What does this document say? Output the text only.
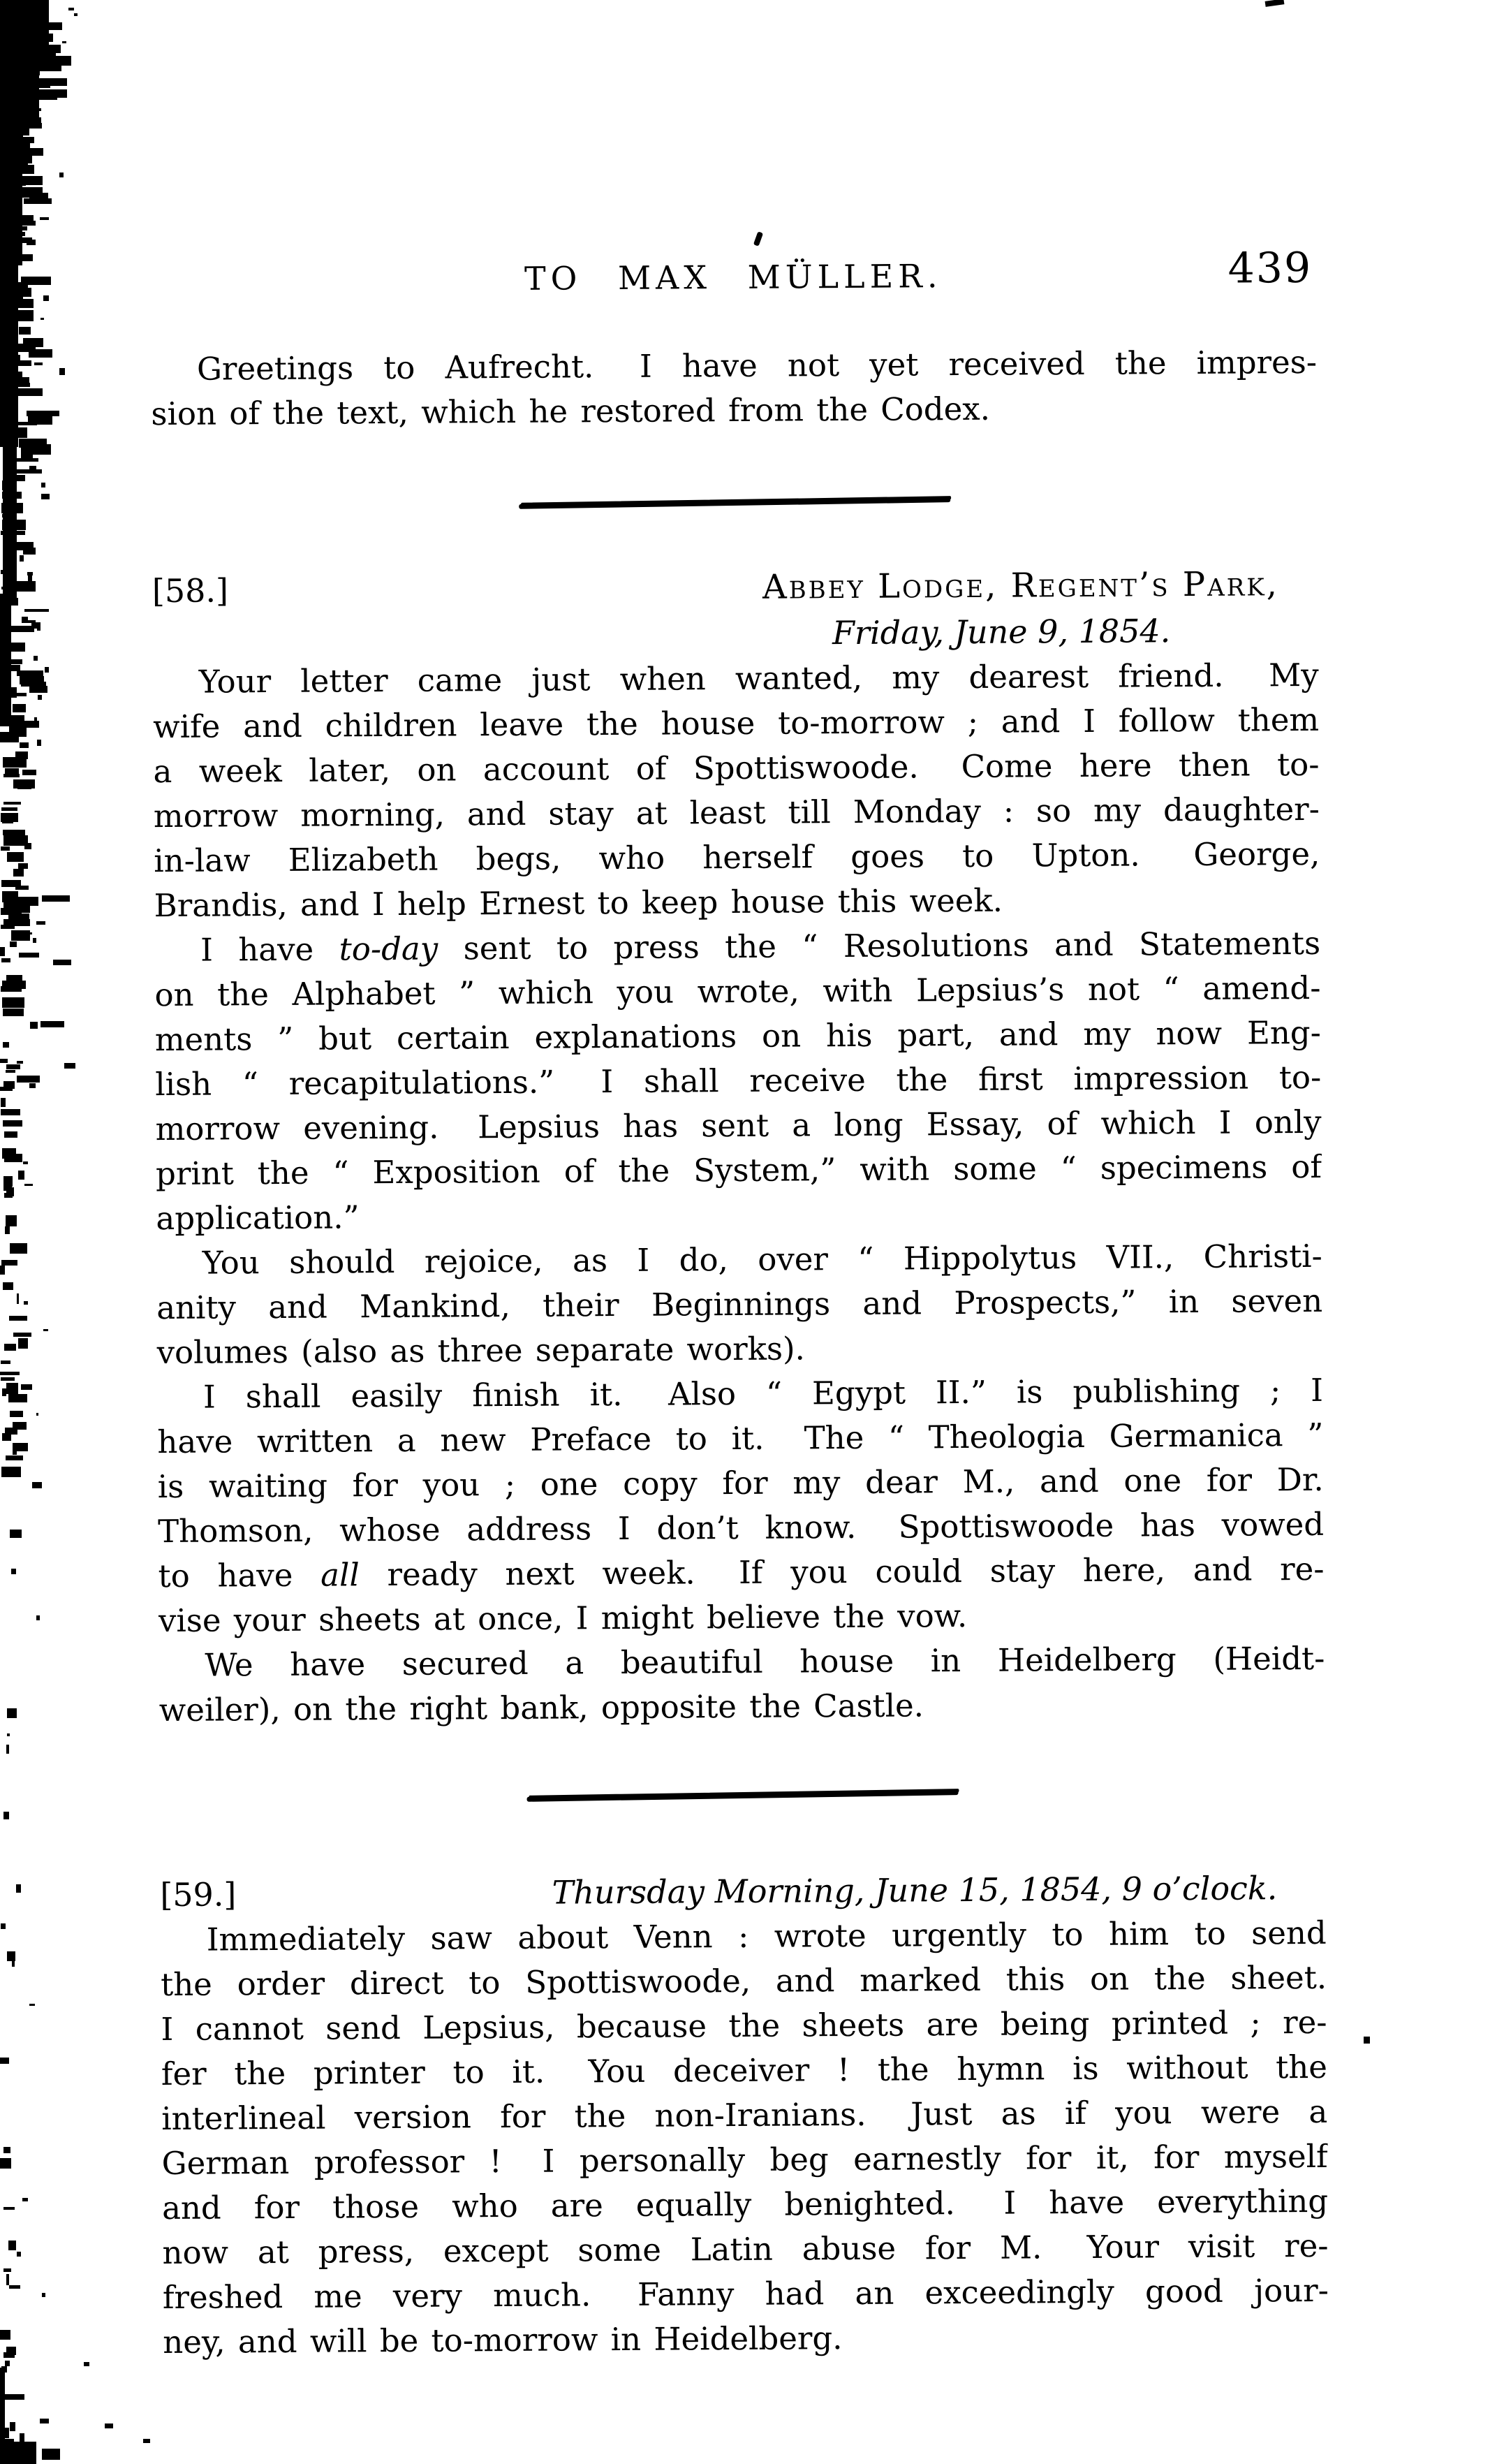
TO MAX MÜLLER.	439
Greetings to Aufrecht.  I have not yet received the impres-
sion of the text, which he restored from the Codex.
[58.]	Abbey Lodge, Regent’s Park,
Friday, June 9, 1854.
Your letter came just when wanted, my dearest friend.  My
wife and children leave the house to-morrow ; and I follow them
a week later, on account of Spottiswoode.  Come here then to-
morrow morning, and stay at least till Monday : so my daughter-
in-law Elizabeth begs, who herself goes to Upton.  George,
Brandis, and I help Ernest to keep house this week.
I have to-day sent to press the “ Resolutions and Statements
on the Alphabet ” which you wrote, with Lepsius’s not “ amend-
ments ” but certain explanations on his part, and my now Eng-
lish “ recapitulations.”  I shall receive the first impression to-
morrow evening.  Lepsius has sent a long Essay, of which I only
print the “ Exposition of the System,” with some “ specimens of
application.”
You should rejoice, as I do, over “ Hippolytus VII., Christi-
anity and Mankind, their Beginnings and Prospects,” in seven
volumes (also as three separate works).
I shall easily finish it.  Also “ Egypt II.” is publishing ; I
have written a new Preface to it.  The “ Theologia Germanica ”
is waiting for you ; one copy for my dear M., and one for Dr.
Thomson, whose address I don’t know.  Spottiswoode has vowed
to have all ready next week.  If you could stay here, and re-
vise your sheets at once, I might believe the vow.
We have secured a beautiful house in Heidelberg (Heidt-
weiler), on the right bank, opposite the Castle.
[59.]	Thursday Morning, June 15, 1854, 9 o’clock.
Immediately saw about Venn : wrote urgently to him to send
the order direct to Spottiswoode, and marked this on the sheet.
I cannot send Lepsius, because the sheets are being printed ; re-
fer the printer to it.  You deceiver ! the hymn is without the
interlineal version for the non-Iranians.  Just as if you were a
German professor !  I personally beg earnestly for it, for myself
and for those who are equally benighted.  I have everything
now at press, except some Latin abuse for M.  Your visit re-
freshed me very much.  Fanny had an exceedingly good jour-
ney, and will be to-morrow in Heidelberg.
